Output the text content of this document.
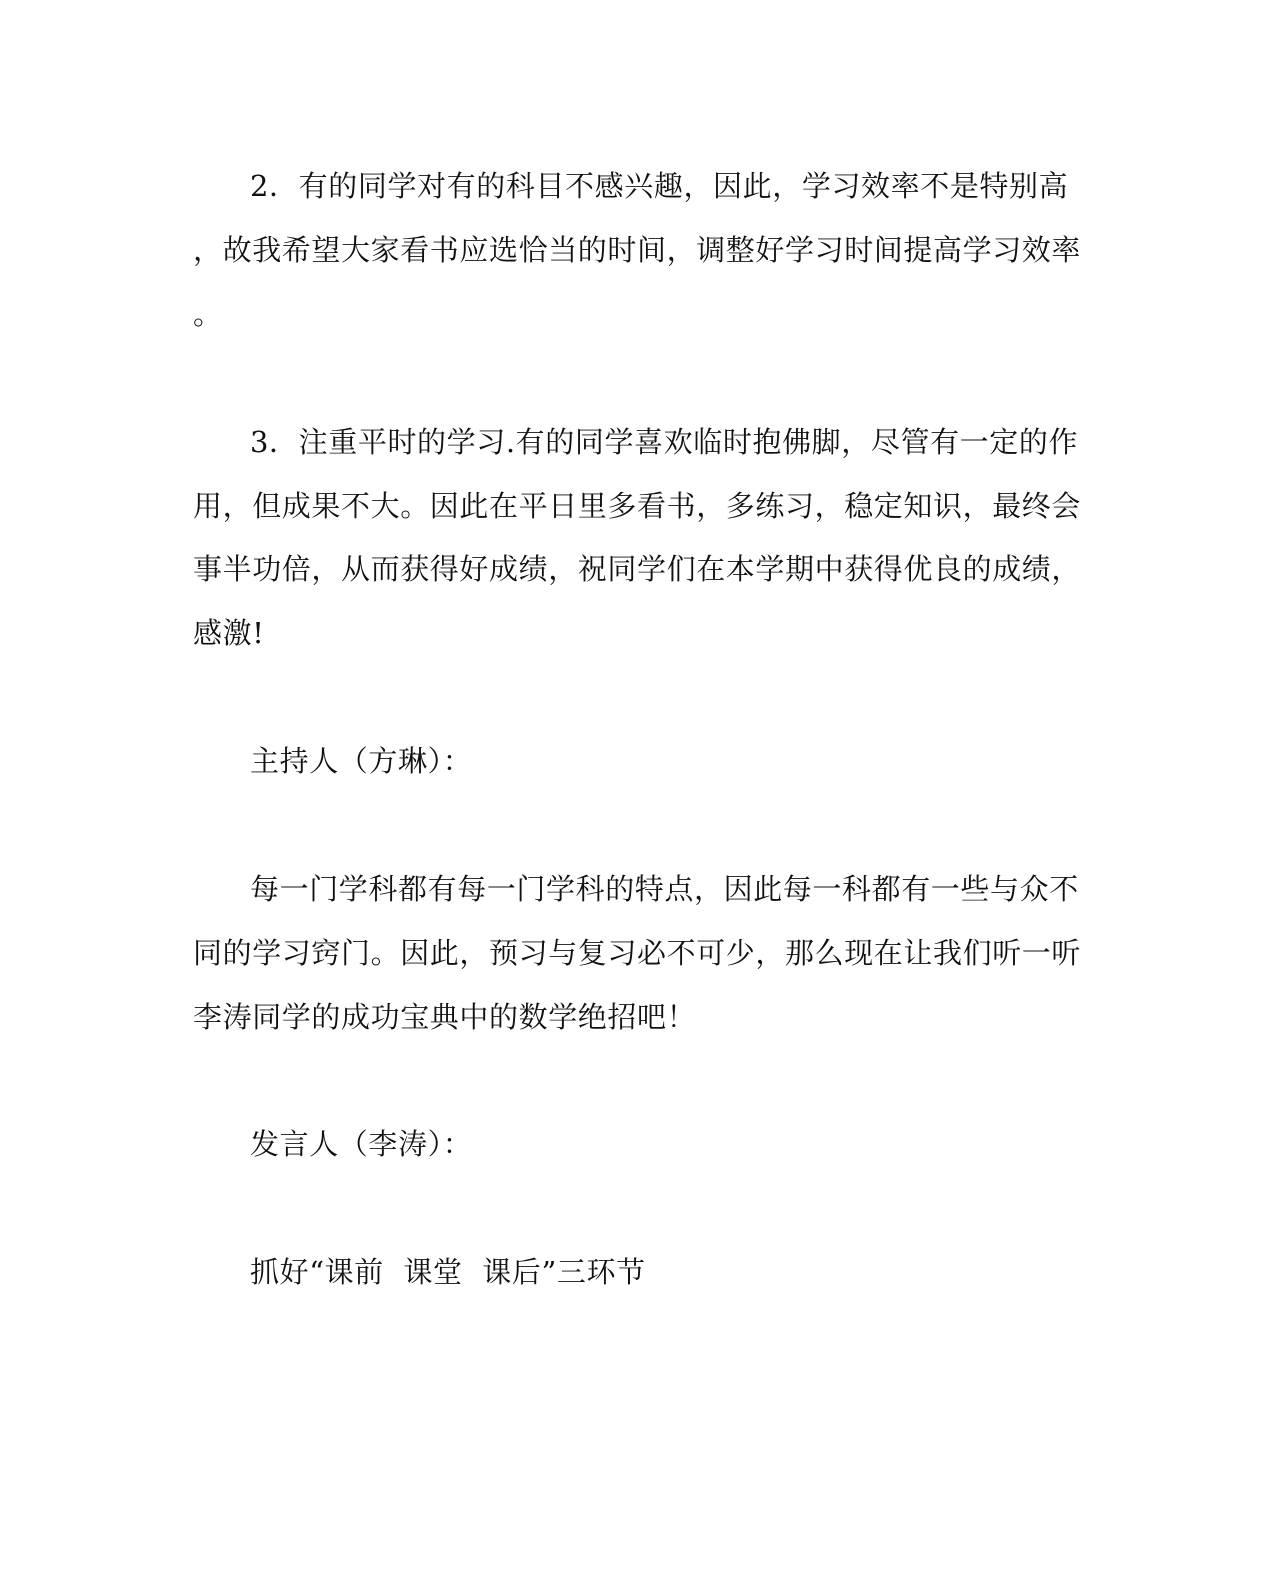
2．有的同学对有的科目不感兴趣，因此，学习效率不是特别高
，故我希望大家看书应选恰当的时间，调整好学习时间提高学习效率
。
3．注重平时的学习.有的同学喜欢临时抱佛脚，尽管有一定的作
用，但成果不大。因此在平日里多看书，多练习，稳定知识，最终会
事半功倍，从而获得好成绩，祝同学们在本学期中获得优良的成绩，
感激!
主持人（方琳）：
每一门学科都有每一门学科的特点，因此每一科都有一些与众不
同的学习窍门。因此，预习与复习必不可少，那么现在让我们听一听
李涛同学的成功宝典中的数学绝招吧！
发言人（李涛）：
抓好“课前  课堂  课后”三环节
